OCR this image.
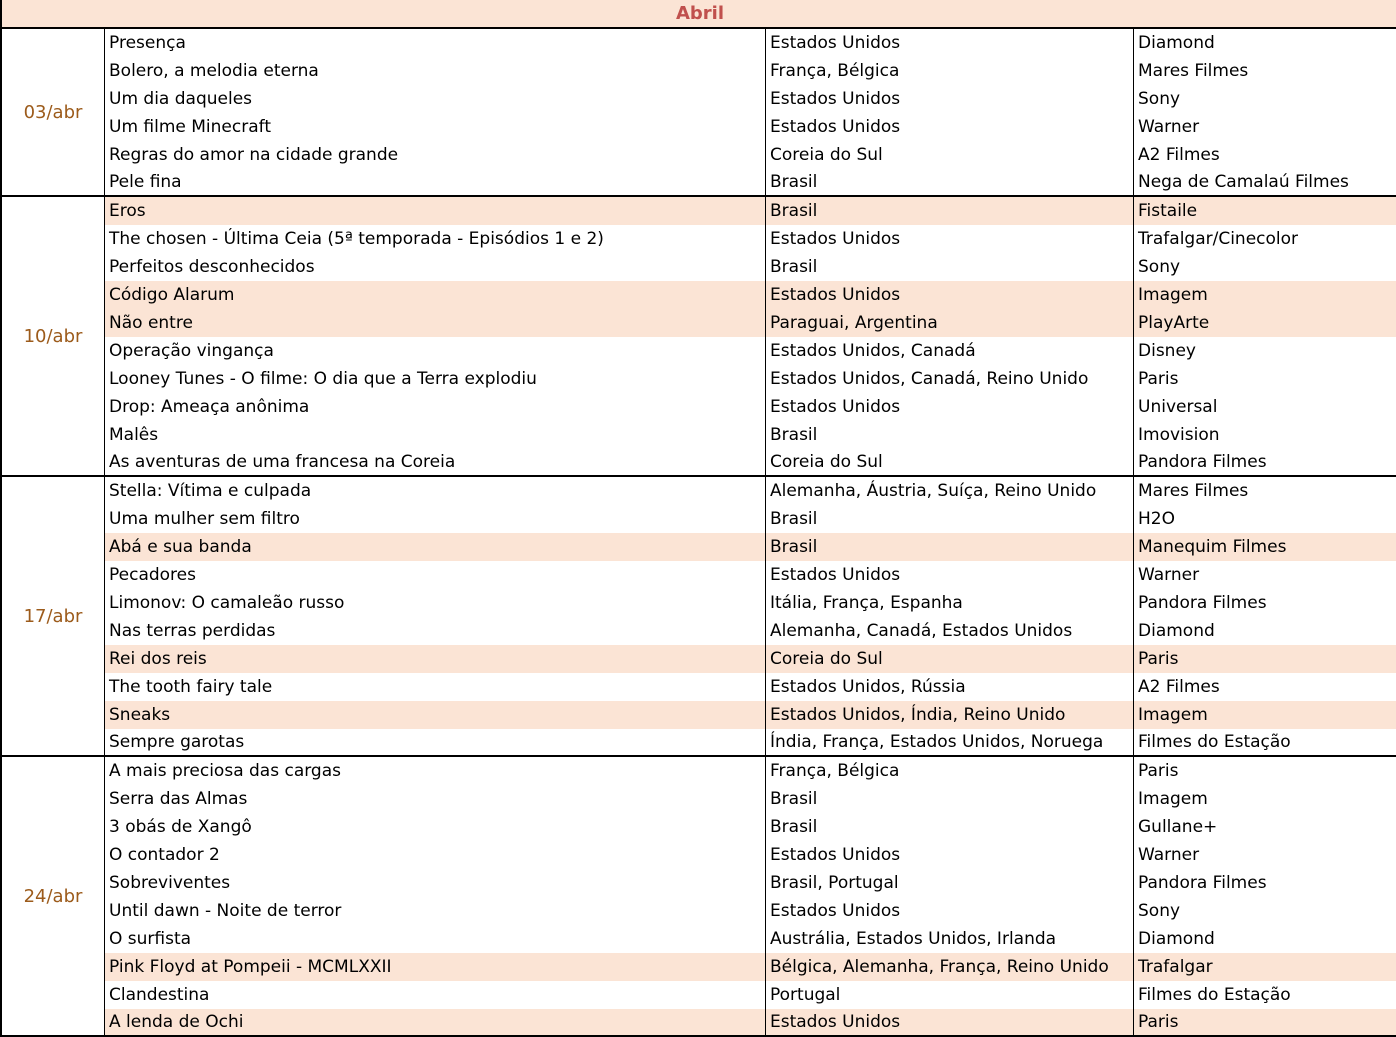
Abril
03/abr
Presença	Estados Unidos	Diamond
Bolero, a melodia eterna	França, Bélgica	Mares Filmes
Um dia daqueles	Estados Unidos	Sony
Um filme Minecraft	Estados Unidos	Warner
Regras do amor na cidade grande	Coreia do Sul	A2 Filmes
Pele fina	Brasil	Nega de Camalaú Filmes
10/abr
Eros	Brasil	Fistaile
The chosen - Última Ceia (5ª temporada - Episódios 1 e 2)	Estados Unidos	Trafalgar/Cinecolor
Perfeitos desconhecidos	Brasil	Sony
Código Alarum	Estados Unidos	Imagem
Não entre	Paraguai, Argentina	PlayArte
Operação vingança	Estados Unidos, Canadá	Disney
Looney Tunes - O filme: O dia que a Terra explodiu	Estados Unidos, Canadá, Reino Unido	Paris
Drop: Ameaça anônima	Estados Unidos	Universal
Malês	Brasil	Imovision
As aventuras de uma francesa na Coreia	Coreia do Sul	Pandora Filmes
17/abr
Stella: Vítima e culpada	Alemanha, Áustria, Suíça, Reino Unido	Mares Filmes
Uma mulher sem filtro	Brasil	H2O
Abá e sua banda	Brasil	Manequim Filmes
Pecadores	Estados Unidos	Warner
Limonov: O camaleão russo	Itália, França, Espanha	Pandora Filmes
Nas terras perdidas	Alemanha, Canadá, Estados Unidos	Diamond
Rei dos reis	Coreia do Sul	Paris
The tooth fairy tale	Estados Unidos, Rússia	A2 Filmes
Sneaks	Estados Unidos, Índia, Reino Unido	Imagem
Sempre garotas	Índia, França, Estados Unidos, Noruega	Filmes do Estação
24/abr
A mais preciosa das cargas	França, Bélgica	Paris
Serra das Almas	Brasil	Imagem
3 obás de Xangô	Brasil	Gullane+
O contador 2	Estados Unidos	Warner
Sobreviventes	Brasil, Portugal	Pandora Filmes
Until dawn - Noite de terror	Estados Unidos	Sony
O surfista	Austrália, Estados Unidos, Irlanda	Diamond
Pink Floyd at Pompeii - MCMLXXII	Bélgica, Alemanha, França, Reino Unido	Trafalgar
Clandestina	Portugal	Filmes do Estação
A lenda de Ochi	Estados Unidos	Paris
